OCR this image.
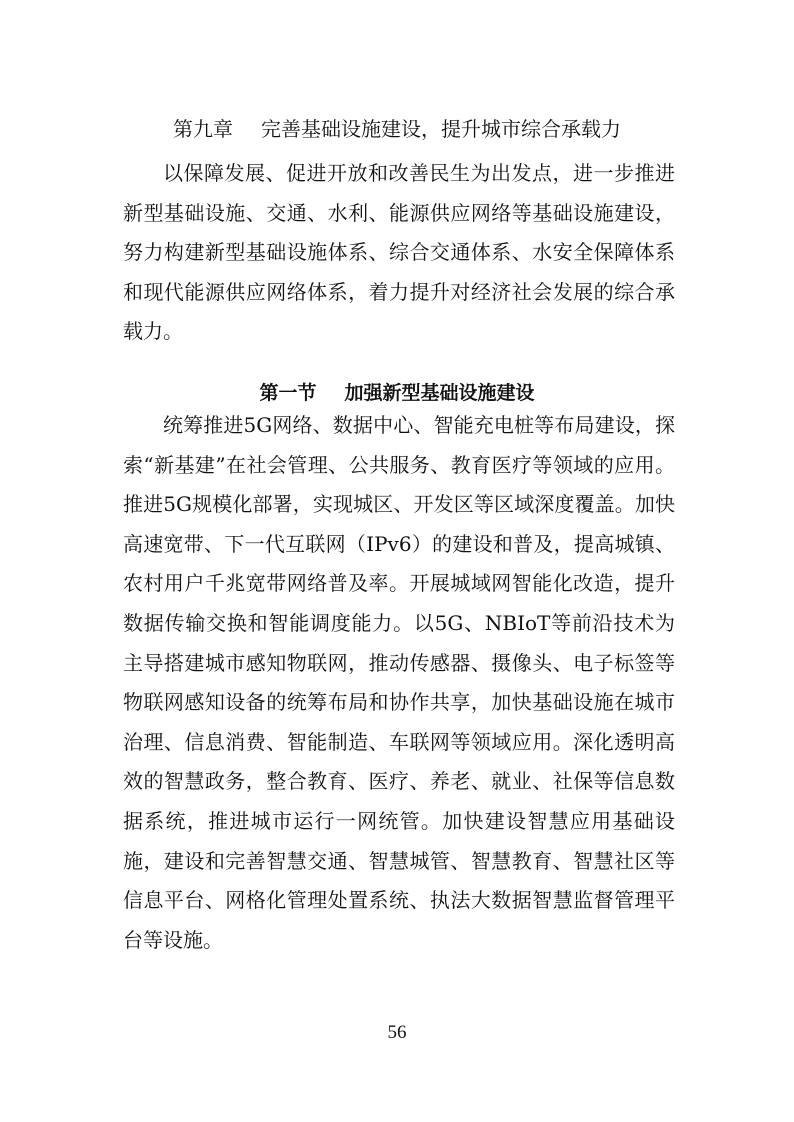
第九章 完善基础设施建设，提升城市综合承载力

以保障发展、促进开放和改善民生为出发点，进一步推进新型基础设施、交通、水利、能源供应网络等基础设施建设，努力构建新型基础设施体系、综合交通体系、水安全保障体系和现代能源供应网络体系，着力提升对经济社会发展的综合承载力。

第一节 加强新型基础设施建设

统筹推进5G网络、数据中心、智能充电桩等布局建设，探索“新基建”在社会管理、公共服务、教育医疗等领域的应用。推进5G规模化部署，实现城区、开发区等区域深度覆盖。加快高速宽带、下一代互联网（IPv6）的建设和普及，提高城镇、农村用户千兆宽带网络普及率。开展城域网智能化改造，提升数据传输交换和智能调度能力。以5G、NBIoT等前沿技术为主导搭建城市感知物联网，推动传感器、摄像头、电子标签等物联网感知设备的统筹布局和协作共享，加快基础设施在城市治理、信息消费、智能制造、车联网等领域应用。深化透明高效的智慧政务，整合教育、医疗、养老、就业、社保等信息数据系统，推进城市运行一网统管。加快建设智慧应用基础设施，建设和完善智慧交通、智慧城管、智慧教育、智慧社区等信息平台、网格化管理处置系统、执法大数据智慧监督管理平台等设施。

56
